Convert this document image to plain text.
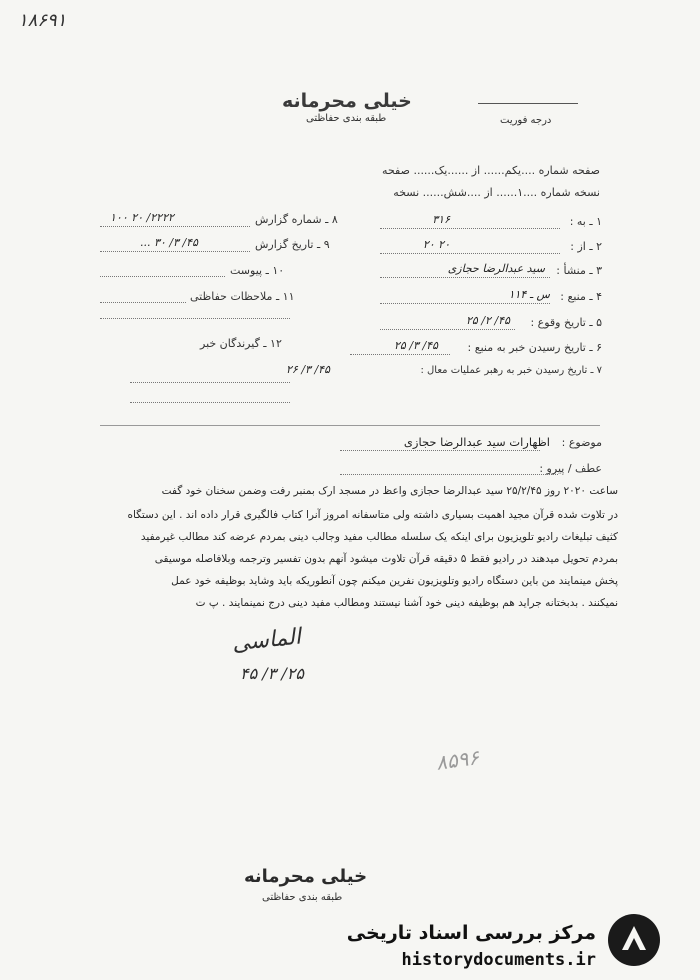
۱۸۶۹۱
خیلی محرمانه
طبقه بندی حفاظتی	درجه فوریت
صفحه شماره ....یکم...... از ......یک...... صفحه
نسخه شماره ....۱...... از ....شش...... نسخه
۱ ـ به :
۳۱۶
۲ ـ از :
۲۰ ۲۰
۳ ـ منشأ :
سید عبدالرضا حجازی
۴ ـ منبع :
س ـ ۱۱۴
۵ ـ تاریخ وقوع :
۴۵/ ۲/ ۲۵
۶ ـ تاریخ رسیدن خبر به منبع :
۴۵/ ۳/ ۲۵
۷ ـ تاریخ رسیدن خبر به رهبر عملیات معال :
۴۵/ ۳/ ۲۶
۸ ـ شماره گزارش
۲۲۲۲/ ۲۰ ۱۰۰
۹ ـ تاریخ گزارش
۴۵/ ۳/ ۳۰ ...
۱۰ ـ پیوست
۱۱ ـ ملاحظات حفاظتی
۱۲ ـ گیرندگان خبر
موضوع :
اظهارات سید عبدالرضا حجازی
عطف / پیرو :
ساعت ۲۰۲۰ روز ۲۵/۲/۴۵ سید عبدالرضا حجازی واعظ در مسجد ارک بمنبر رفت وضمن سخنان خود گفت
در تلاوت شده قرآن مجید اهمیت بسیاری داشته ولی متاسفانه امروز آنرا کتاب فالگیری قرار داده اند . این دستگاه
کثیف تبلیغات رادیو تلویزیون برای اینکه یک سلسله مطالب مفید وجالب دینی بمردم عرضه کند مطالب غیرمفید
بمردم تحویل میدهند در رادیو فقط ۵ دقیقه قرآن تلاوت میشود آنهم بدون تفسیر وترجمه وبلافاصله موسیقی
پخش مینمایند من باین دستگاه رادیو وتلویزیون نفرین میکنم چون آنطوریکه باید وشاید بوظیفه خود عمل
نمیکنند . بدبختانه جراید هم بوظیفه دینی خود آشنا نیستند ومطالب مفید دینی درج نمینمایند . پ ت
الماسی
۲۵/ ۳/ ۴۵
۸۵۹۶
خیلی محرمانه
طبقه بندی حفاظتی
مرکز بررسی اسناد تاریخی
historydocuments.ir
